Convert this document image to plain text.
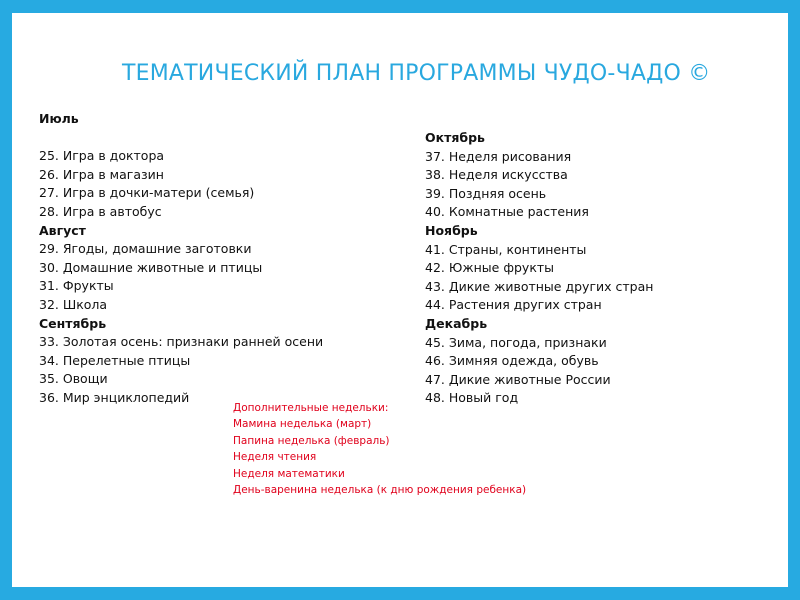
ТЕМАТИЧЕСКИЙ ПЛАН ПРОГРАММЫ ЧУДО-ЧАДО ©
Июль
25. Игра в доктора
26. Игра в магазин
27. Игра в дочки-матери (семья)
28. Игра в автобус
Август
29. Ягоды, домашние заготовки
30. Домашние животные и птицы
31. Фрукты
32. Школа
Сентябрь
33. Золотая осень: признаки ранней осени
34. Перелетные птицы
35. Овощи
36. Мир энциклопедий
Октябрь
37. Неделя рисования
38. Неделя искусства
39. Поздняя осень
40. Комнатные растения
Ноябрь
41. Страны, континенты
42. Южные фрукты
43. Дикие животные других стран
44. Растения других стран
Декабрь
45. Зима, погода, признаки
46. Зимняя одежда, обувь
47. Дикие животные России
48. Новый год
Дополнительные недельки:
Мамина неделька (март)
Папина неделька (февраль)
Неделя чтения
Неделя математики
День-варенина неделька (к дню рождения ребенка)
